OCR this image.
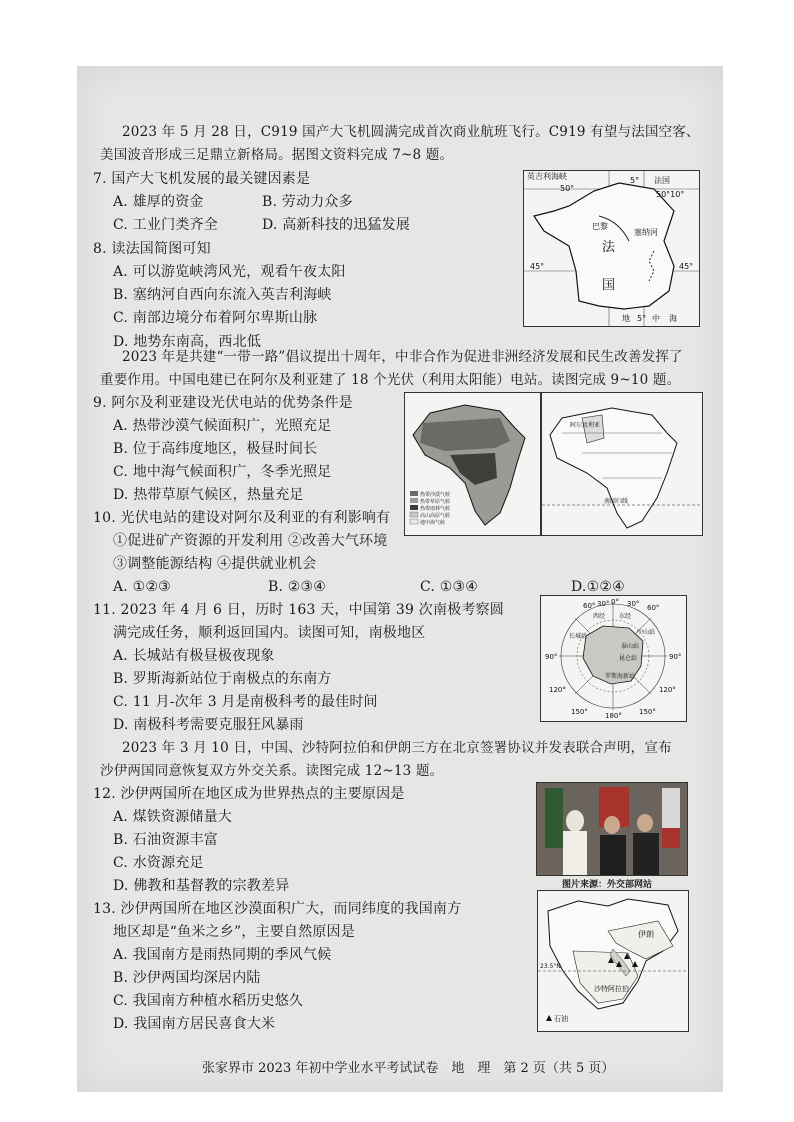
2023 年 5 月 28 日，C919 国产大飞机圆满完成首次商业航班飞行。C919 有望与法国空客、
美国波音形成三足鼎立新格局。据图文资料完成 7~8 题。
7. 国产大飞机发展的最关键因素是
A. 雄厚的资金	B. 劳动力众多
C. 工业门类齐全	D. 高新科技的迅猛发展
8. 读法国简图可知
A. 可以游览峡湾风光，观看午夜太阳
B. 塞纳河自西向东流入英吉利海峡
C. 南部边境分布着阿尔卑斯山脉
D. 地势东南高，西北低
英吉利海峡	法国
50°
5°
50°10°
巴黎
塞纳河
法
国
45°	45°
5°
地	中 海
2023 年是共建“一带一路”倡议提出十周年，中非合作为促进非洲经济发展和民生改善发挥了
重要作用。中国电建已在阿尔及利亚建了 18 个光伏（利用太阳能）电站。读图完成 9~10 题。
9. 阿尔及利亚建设光伏电站的优势条件是
A. 热带沙漠气候面积广，光照充足
B. 位于高纬度地区，极昼时间长
C. 地中海气候面积广，冬季光照足
D. 热带草原气候区，热量充足	热带沙漠气候
热带草原气候
热带雨林气候
高山高原气候
地中海气候
阿尔及利亚
南回归线
10. 光伏电站的建设对阿尔及利亚的有利影响有
①促进矿产资源的开发利用 ②改善大气环境
③调整能源结构 ④提供就业机会
A. ①②③	B. ②③④	C. ①③④	D.①②④
11. 2023 年 4 月 6 日，历时 163 天，中国第 39 次南极考察圆
满完成任务，顺利返回国内。读图可知，南极地区
A. 长城站有极昼极夜现象
B. 罗斯海新站位于南极点的东南方
C. 11 月-次年 3 月是南极科考的最佳时间
D. 南极科考需要克服狂风暴雨
60° 30° 0° 30° 60°
90°	90°
120°	120°
150° 180° 150°
西经 东经
长城站
中山站
泰山站
昆仑站
罗斯海新站
2023 年 3 月 10 日，中国、沙特阿拉伯和伊朗三方在北京签署协议并发表联合声明，宣布
沙伊两国同意恢复双方外交关系。读图完成 12~13 题。
12. 沙伊两国所在地区成为世界热点的主要原因是
A. 煤铁资源储量大
B. 石油资源丰富
C. 水资源充足
D. 佛教和基督教的宗教差异	图片来源：外交部网站
13. 沙伊两国所在地区沙漠面积广大，而同纬度的我国南方
地区却是“鱼米之乡”，主要自然原因是
A. 我国南方是雨热同期的季风气候
B. 沙伊两国均深居内陆
C. 我国南方种植水稻历史悠久
D. 我国南方居民喜食大米
伊朗
沙特阿拉伯
23.5°N
石油
张家界市 2023 年初中学业水平考试试卷　地　理　第 2 页（共 5 页）
